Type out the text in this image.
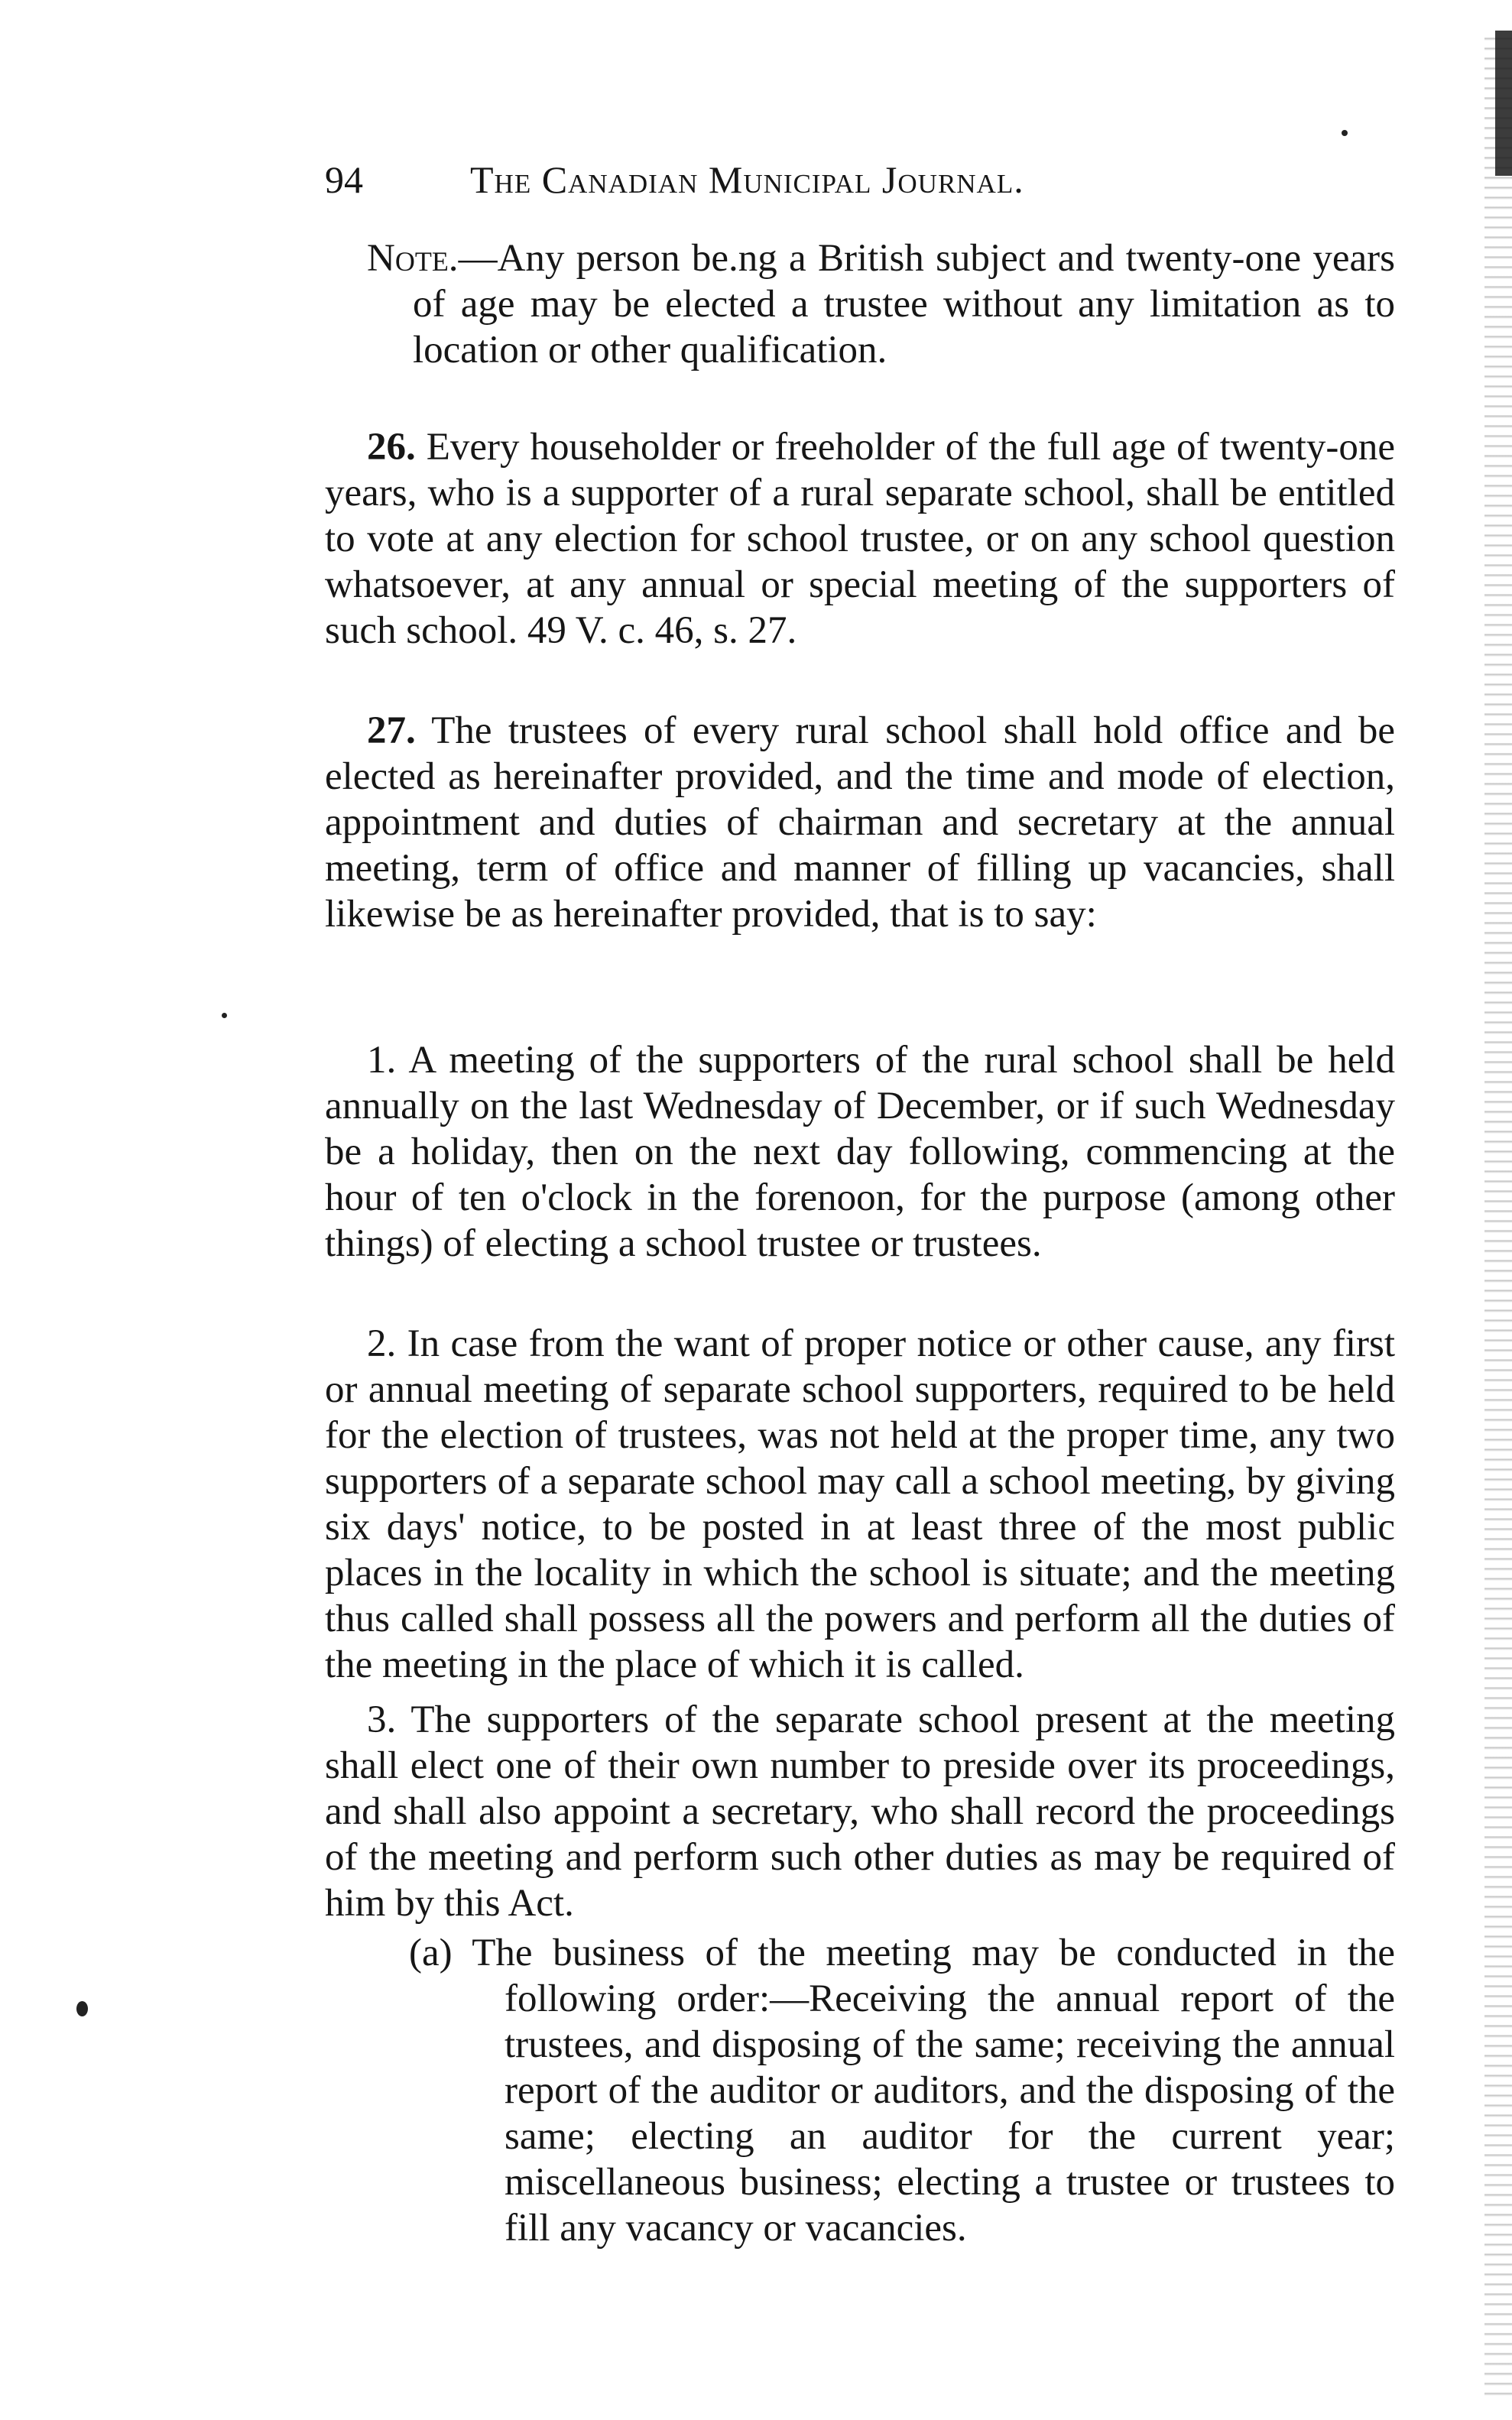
94	The Canadian Municipal Journal.
Note.—Any person be.ng a British subject and twenty-one years of age may be elected a trustee without any limitation as to location or other qualification.
26. Every householder or freeholder of the full age of twenty-one years, who is a supporter of a rural separate school, shall be entitled to vote at any election for school trustee, or on any school question whatsoever, at any annual or special meeting of the supporters of such school. 49 V. c. 46, s. 27.
27. The trustees of every rural school shall hold office and be elected as hereinafter provided, and the time and mode of election, appointment and duties of chairman and secretary at the annual meeting, term of office and manner of filling up vacancies, shall likewise be as hereinafter provided, that is to say:
1. A meeting of the supporters of the rural school shall be held annually on the last Wednesday of December, or if such Wednesday be a holiday, then on the next day following, commencing at the hour of ten o'clock in the forenoon, for the purpose (among other things) of electing a school trustee or trustees.
2. In case from the want of proper notice or other cause, any first or annual meeting of separate school supporters, required to be held for the election of trustees, was not held at the proper time, any two supporters of a separate school may call a school meeting, by giving six days' notice, to be posted in at least three of the most public places in the locality in which the school is situate; and the meeting thus called shall possess all the powers and perform all the duties of the meeting in the place of which it is called.
3. The supporters of the separate school present at the meeting shall elect one of their own number to preside over its proceedings, and shall also appoint a secretary, who shall record the proceedings of the meeting and perform such other duties as may be required of him by this Act.
(a) The business of the meeting may be conducted in the following order:—Receiving the annual report of the trustees, and disposing of the same; receiving the annual report of the auditor or auditors, and the disposing of the same; electing an auditor for the current year; miscellaneous business; electing a trustee or trustees to fill any vacancy or vacancies.
